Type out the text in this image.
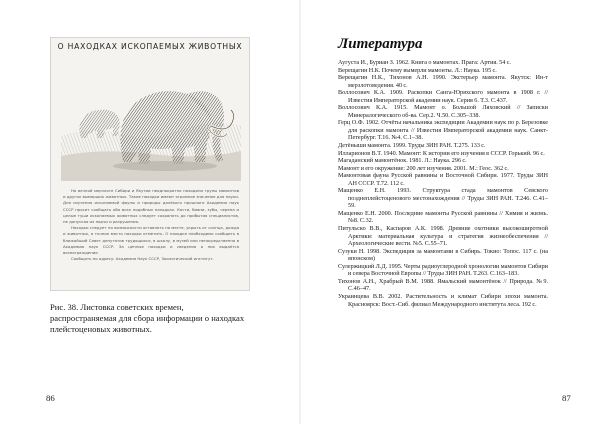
О НАХОДКАХ ИСКОПАЕМЫХ ЖИВОТНЫХ

На вечной мерзлоте Сибири и Якутии неоднократно находили трупы мамонтов и других вымерших животных. Такие находки имеют огромное значение для науки. Для изучения ископаемой фауны и природы далёкого прошлого Академия наук СССР просит сообщать обо всех подобных находках. Кости, бивни, зубы, черепа и целые туши ископаемых животных следует сохранять до прибытия специалистов, не допуская их порчи и разрушения.

Находки следует по возможности оставлять на месте, укрыть от солнца, дождя и животных, а точное место находки отметить. О находке необходимо сообщить в ближайший Совет депутатов трудящихся, в школу, в музей или непосредственно в Академию наук СССР. За ценные находки и сведения о них выдаётся вознаграждение.

Сообщать по адресу: Академия Наук СССР, Зоологический институт.

Рис. 38. Листовка советских времен, распространяемая для сбора информации о находках плейстоценовых животных.
86
Литература
Аугуста И., Буриан З. 1962. Книга о мамонтах. Прага: Артия. 54 с.
Верещагин Н.К. Почему вымерли мамонты. Л.: Наука. 195 с.
Верещагин Н.К., Тихонов А.Н. 1990. Экстерьер мамонта. Якутск: Ин-т мерзлотоведения. 40 с.
Воллосович К.А. 1909. Раскопки Санга-Юряхского мамонта в 1908 г. // Известия Императорской академии наук. Серия 6. Т.3. С.437.
Воллосович К.А. 1915. Мамонт о. Большой Ляховский // Записки Минералогического об-ва. Сер.2. Ч.50. С.305–338.
Герц О.Ф. 1902. Отчёты начальника экспедиции Академии наук по р. Березовке для раскопки мамонта // Известия Императорской академии наук. Санкт-Петербург. Т.16. №4. С.1–38.
Детёныши мамонта. 1999. Труды ЗИН РАН. Т.275. 133 с.
Илларионов В.Т. 1940. Мамонт: К истории его изучения в СССР. Горький. 96 с.
Магаданский мамонтёнок. 1981. Л.: Наука. 296 с.
Мамонт и его окружение: 200 лет изучения. 2001. М.: Геос. 362 с.
Мамонтовая фауна Русской равнины и Восточной Сибири. 1977. Труды ЗИН АН СССР. Т.72. 112 с.
Мащенко Е.Н. 1993. Структура стада мамонтов Севского позднеплейстоценового местонахождения // Труды ЗИН РАН. Т.246. С.41–59.
Мащенко Е.Н. 2000. Последние мамонты Русской равнины // Химия и жизнь. №8. С.32.
Питульско В.В., Каспаров А.К. 1998. Древние охотники высокоширотной Арктики: материальная культура и стратегия жизнеобеспечения // Археологические вести. №5. С.55–71.
Сузуки Н. 1998. Экспедиция за мамонтами в Сибирь. Токио: Топос. 117 с. (на японском)
Сулержицкий Л.Д. 1995. Черты радиоуглеродной хронологии мамонтов Сибири и севера Восточной Европы // Труды ЗИН РАН. Т.263. С.163–183.
Тихонов А.Н., Храбрый В.М. 1988. Ямальский мамонтёнок // Природа. №9. С.46–47.
Украинцева В.В. 2002. Растительность и климат Сибири эпохи мамонта. Красноярск: Вост.-Сиб. филиал Международного института леса. 192 с.
87
